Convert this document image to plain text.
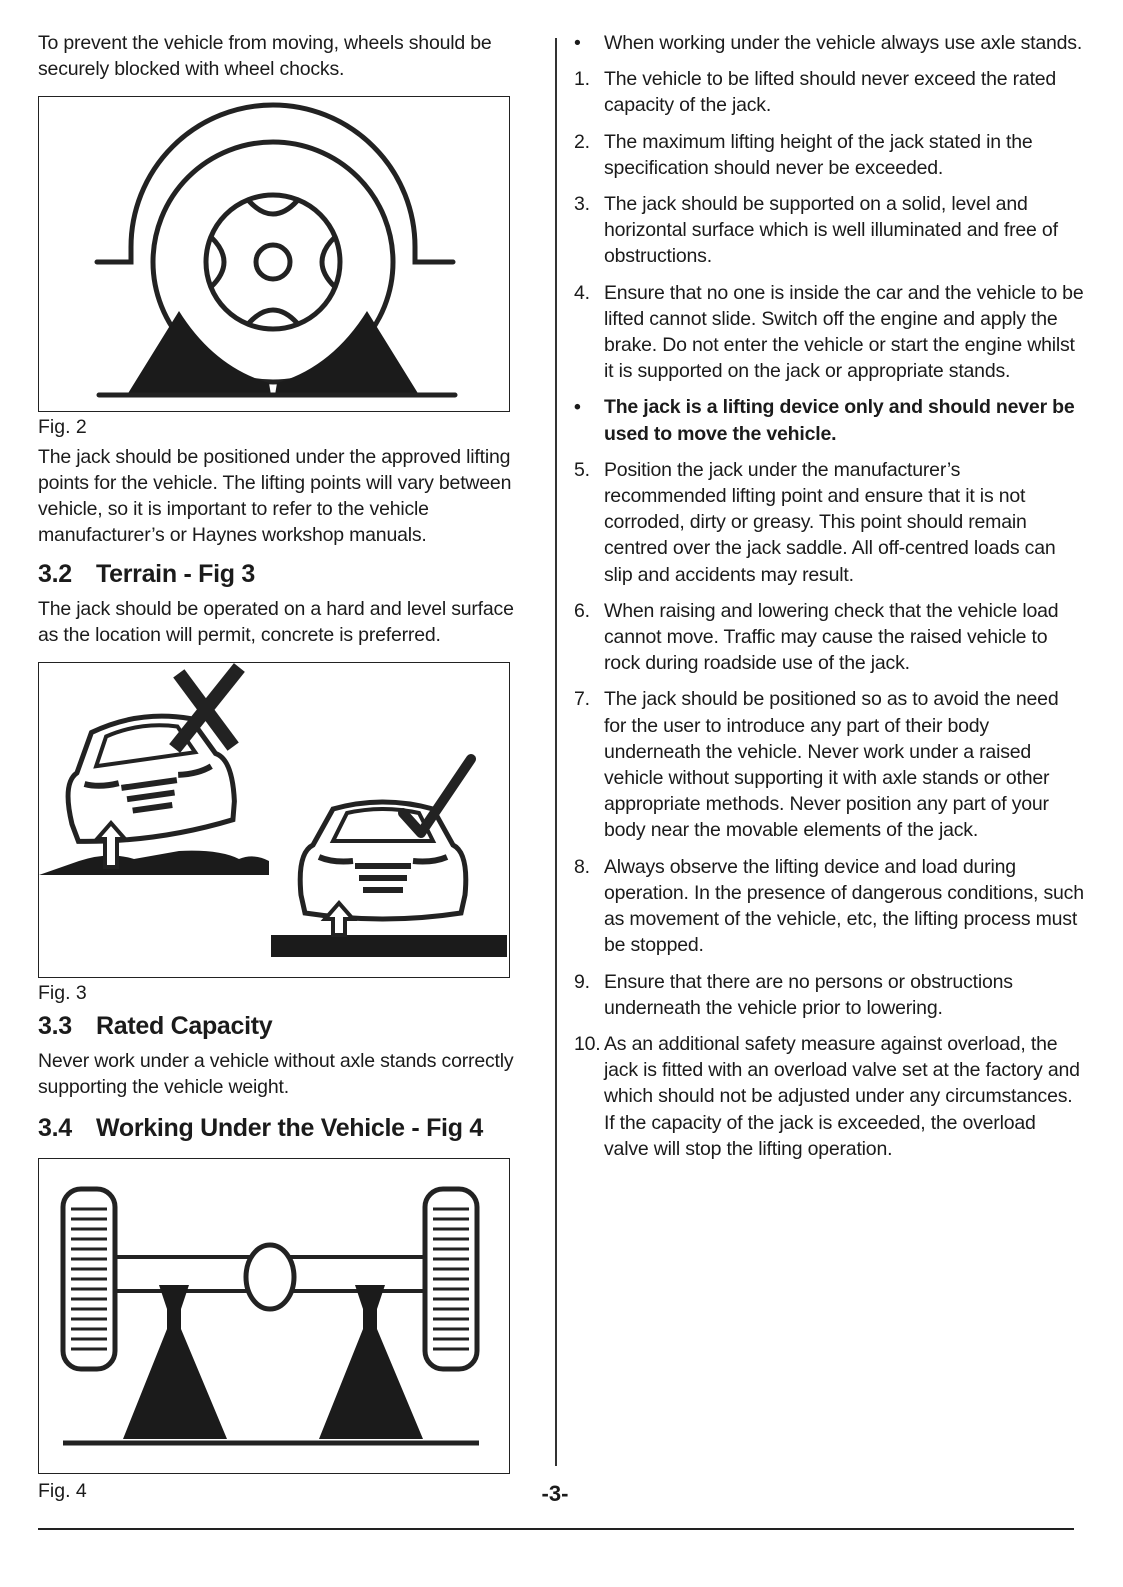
To prevent the vehicle from moving, wheels should be securely blocked with wheel chocks.

Fig. 2

The jack should be positioned under the approved lifting points for the vehicle. The lifting points will vary between vehicle, so it is important to refer to the vehicle manufacturer’s or Haynes workshop manuals.

3.2 Terrain - Fig 3

The jack should be operated on a hard and level surface as the location will permit, concrete is preferred.

Fig. 3
3.3 Rated Capacity

Never work under a vehicle without axle stands correctly supporting the vehicle weight.

3.4 Working Under the Vehicle - Fig 4
Fig. 4
•	When working under the vehicle always use axle stands.
1. The vehicle to be lifted should never exceed the rated capacity of the jack.
2. The maximum lifting height of the jack stated in the specification should never be exceeded.
3. The jack should be supported on a solid, level and horizontal surface which is well illuminated and free of obstructions.
4. Ensure that no one is inside the car and the vehicle to be lifted cannot slide. Switch off the engine and apply the brake. Do not enter the vehicle or start the engine whilst it is supported on the jack or appropriate stands.
•	The jack is a lifting device only and should never be used to move the vehicle.
5. Position the jack under the manufacturer’s recommended lifting point and ensure that it is not corroded, dirty or greasy. This point should remain centred over the jack saddle. All off-centred loads can slip and accidents may result.
6. When raising and lowering check that the vehicle load cannot move. Traffic may cause the raised vehicle to rock during roadside use of the jack.
7. The jack should be positioned so as to avoid the need for the user to introduce any part of their body underneath the vehicle. Never work under a raised vehicle without supporting it with axle stands or other appropriate methods. Never position any part of your body near the movable elements of the jack.
8. Always observe the lifting device and load during operation. In the presence of dangerous conditions, such as movement of the vehicle, etc, the lifting process must be stopped.
9. Ensure that there are no persons or obstructions underneath the vehicle prior to lowering.
10. As an additional safety measure against overload, the jack is fitted with an overload valve set at the factory and which should not be adjusted under any circumstances. If the capacity of the jack is exceeded, the overload valve will stop the lifting operation.
-3-
